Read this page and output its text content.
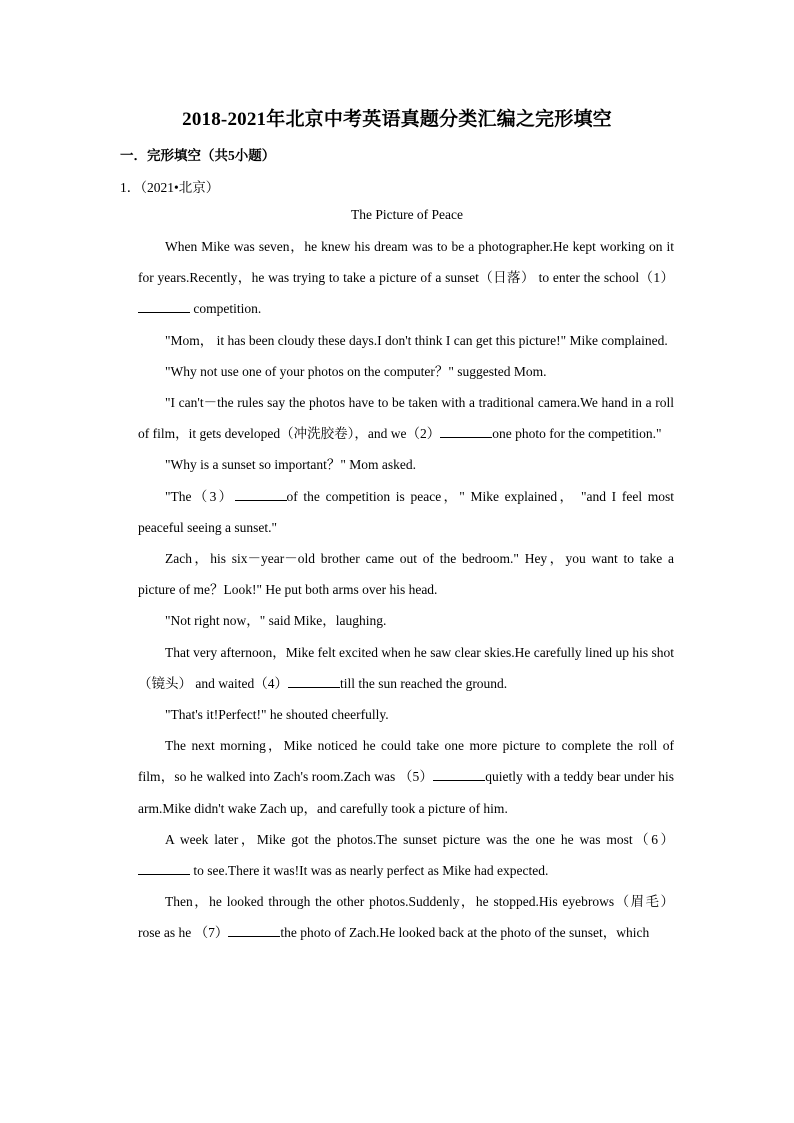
2018-2021年北京中考英语真题分类汇编之完形填空
一．完形填空（共5小题）
1．（2021•北京）
The Picture of Peace

When Mike was seven，he knew his dream was to be a photographer.He kept working on it for years.Recently，he was trying to take a picture of a sunset（日落） to enter the school（1） competition.

"Mom， it has been cloudy these days.I don't think I can get this picture!" Mike complained.

"Why not use one of your photos on the computer？" suggested Mom.

"I can't－the rules say the photos have to be taken with a traditional camera.We hand in a roll of film，it gets developed（冲洗胶卷），and we（2）	one photo for the competition."

"Why is a sunset so important？" Mom asked.

"The（3）	of the competition is peace，" Mike explained， "and I feel most peaceful seeing a sunset."

Zach，his six－year－old brother came out of the bedroom." Hey，you want to take a picture of me？Look!" He put both arms over his head.

"Not right now，" said Mike，laughing.

That very afternoon，Mike felt excited when he saw clear skies.He carefully lined up his shot（镜头） and waited（4）	till the sun reached the ground.

"That's it!Perfect!" he shouted cheerfully.

The next morning，Mike noticed he could take one more picture to complete the roll of film，so he walked into Zach's room.Zach was （5）	quietly with a teddy bear under his arm.Mike didn't wake Zach up，and carefully took a picture of him.

A week later，Mike got the photos.The sunset picture was the one he was most（6） to see.There it was!It was as nearly perfect as Mike had expected.

Then，he looked through the other photos.Suddenly，he stopped.His eyebrows（眉毛）rose as he （7）	the photo of Zach.He looked back at the photo of the sunset，which
